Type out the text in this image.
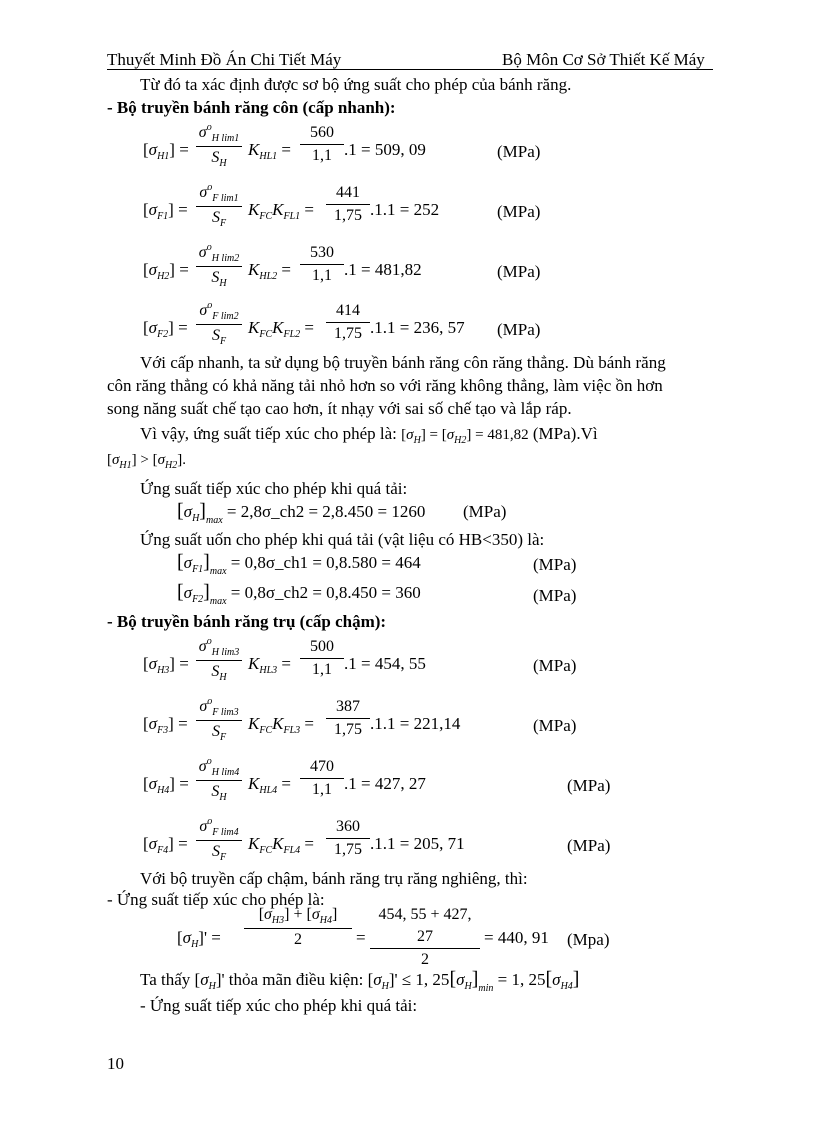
Thuyết Minh Đồ Án Chi Tiết Máy	Bộ Môn Cơ Sở Thiết Kế Máy
Từ đó ta xác định được sơ bộ ứng suất cho phép của bánh răng.
- Bộ truyền bánh răng côn (cấp nhanh):
$[\sigma_{H1}]$ =
$\sigma^o_{H lim1}$
$S_H$
$K_{HL1} = \frac{560}{1,1} .1 = 509$, 09	(MPa)
$[\sigma_{F1}]$ =
$\sigma^o_{F lim1}$
$S_F$
$K_{FC}K_{FL1} = \frac{441}{1,75} .1.1 = 252$	(MPa)
$[\sigma_{H2}]$ =
$\sigma^o_{H lim2}$
$S_H$
$K_{HL2} = \frac{530}{1,1} .1 = 481,82$	(MPa)
$[\sigma_{F2}]$ =
$\sigma^o_{F lim2}$
$S_F$
$K_{FC}K_{FL2} = \frac{414}{1,75} .1.1 = 236$, 57 (MPa)
Với cấp nhanh, ta sử dụng bộ truyền bánh răng côn răng thẳng. Dù bánh răng
côn răng thẳng có khả năng tải nhỏ hơn so với răng không thẳng, làm việc ồn hơn
song năng suất chế tạo cao hơn, ít nhạy với sai số chế tạo và lắp ráp.
Vì vậy, ứng suất tiếp xúc cho phép là: $[\sigma_H] = [\sigma_{H2}] = 481,82$ (MPa).Vì
$[\sigma_{H1}] > [\sigma_{H2}]$.
Ứng suất tiếp xúc cho phép khi quá tải:
$[\sigma_H]_{max}$ = 2,8σ_ch2 = 2,8.450 = 1260 (MPa)
Ứng suất uốn cho phép khi quá tải (vật liệu có HB<350) là:
$[\sigma_{F1}]_{max}$ = 0,8σ_ch1 = 0,8.580 = 464	(MPa)
$[\sigma_{F2}]_{max}$ = 0,8σ_ch2 = 0,8.450 = 360	(MPa)
- Bộ truyền bánh răng trụ (cấp chậm):
$[\sigma_{H3}]$ =
$\sigma^o_{H lim3}$
$S_H$
$K_{HL3} = \frac{500}{1,1} .1 = 454$, 55	(MPa)
$[\sigma_{F3}]$ =
$\sigma^o_{F lim3}$
$S_F$
$K_{FC}K_{FL3} = \frac{387}{1,75} .1.1 = 221,14$	(MPa)
$[\sigma_{H4}]$ =
$\sigma^o_{H lim4}$
$S_H$
$K_{HL4} = \frac{470}{1,1} .1 = 427$, 27	(MPa)
$[\sigma_{F4}]$ =
$\sigma^o_{F lim4}$
$S_F$
$K_{FC}K_{FL4} = \frac{360}{1,75} .1.1 = 205$, 71	(MPa)
Với bộ truyền cấp chậm, bánh răng trụ răng nghiêng, thì:
- Ứng suất tiếp xúc cho phép là:
$[\sigma_H]' = \frac{[\sigma_{H3}] + [\sigma_{H4}]}{2} = \frac{454, 55 + 427, 27}{2} = 440$, 91 (Mpa)
Ta thấy $[\sigma_H]'$ thỏa mãn điều kiện: $[\sigma_H]' \le 1$, $25[\sigma_H]_{min} = 1$, $25[\sigma_{H4}]$
- Ứng suất tiếp xúc cho phép khi quá tải:
10
